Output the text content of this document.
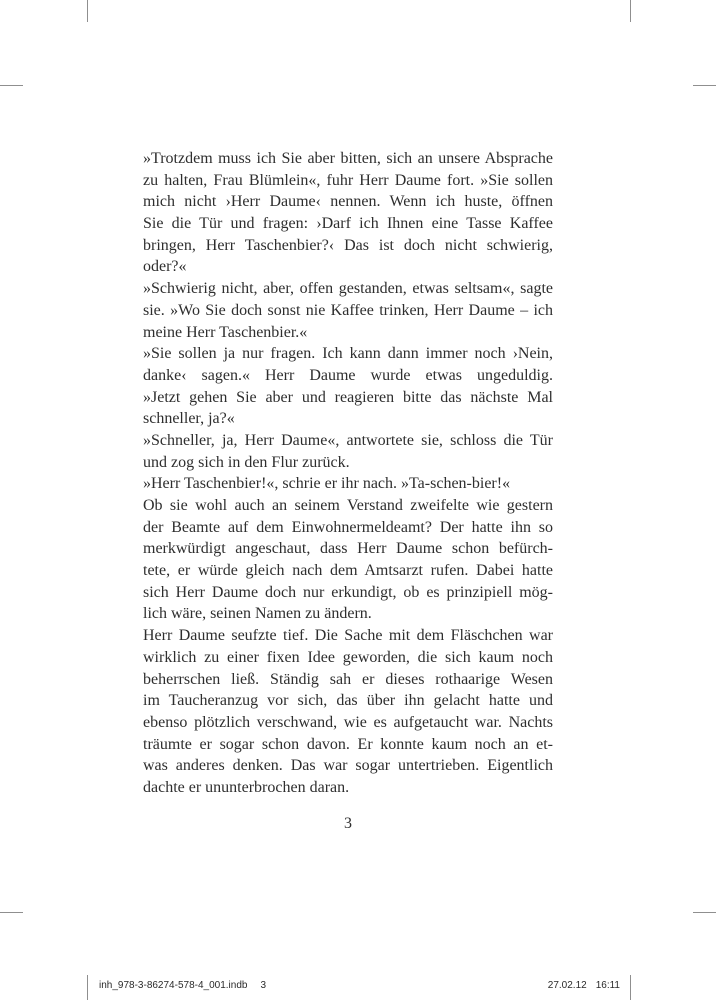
»Trotzdem muss ich Sie aber bitten, sich an unsere Absprache
zu halten, Frau Blümlein«, fuhr Herr Daume fort. »Sie sollen
mich nicht ›Herr Daume‹ nennen. Wenn ich huste, öffnen
Sie die Tür und fragen: ›Darf ich Ihnen eine Tasse Kaffee
bringen, Herr Taschenbier?‹ Das ist doch nicht schwierig,
oder?«
»Schwierig nicht, aber, offen gestanden, etwas seltsam«, sagte
sie. »Wo Sie doch sonst nie Kaffee trinken, Herr Daume – ich
meine Herr Taschenbier.«
»Sie sollen ja nur fragen. Ich kann dann immer noch ›Nein,
danke‹ sagen.« Herr Daume wurde etwas ungeduldig.
»Jetzt gehen Sie aber und reagieren bitte das nächste Mal
schneller, ja?«
»Schneller, ja, Herr Daume«, antwortete sie, schloss die Tür
und zog sich in den Flur zurück.
»Herr Taschenbier!«, schrie er ihr nach. »Ta-schen-bier!«
Ob sie wohl auch an seinem Verstand zweifelte wie gestern
der Beamte auf dem Einwohnermeldeamt? Der hatte ihn so
merkwürdigt angeschaut, dass Herr Daume schon befürch-
tete, er würde gleich nach dem Amtsarzt rufen. Dabei hatte
sich Herr Daume doch nur erkundigt, ob es prinzipiell mög-
lich wäre, seinen Namen zu ändern.
Herr Daume seufzte tief. Die Sache mit dem Fläschchen war
wirklich zu einer fixen Idee geworden, die sich kaum noch
beherrschen ließ. Ständig sah er dieses rothaarige Wesen
im Taucheranzug vor sich, das über ihn gelacht hatte und
ebenso plötzlich verschwand, wie es aufgetaucht war. Nachts
träumte er sogar schon davon. Er konnte kaum noch an et-
was anderes denken. Das war sogar untertrieben. Eigentlich
dachte er ununterbrochen daran.
3
inh_978-3-86274-578-4_001.indb 3	27.02.12 16:11
